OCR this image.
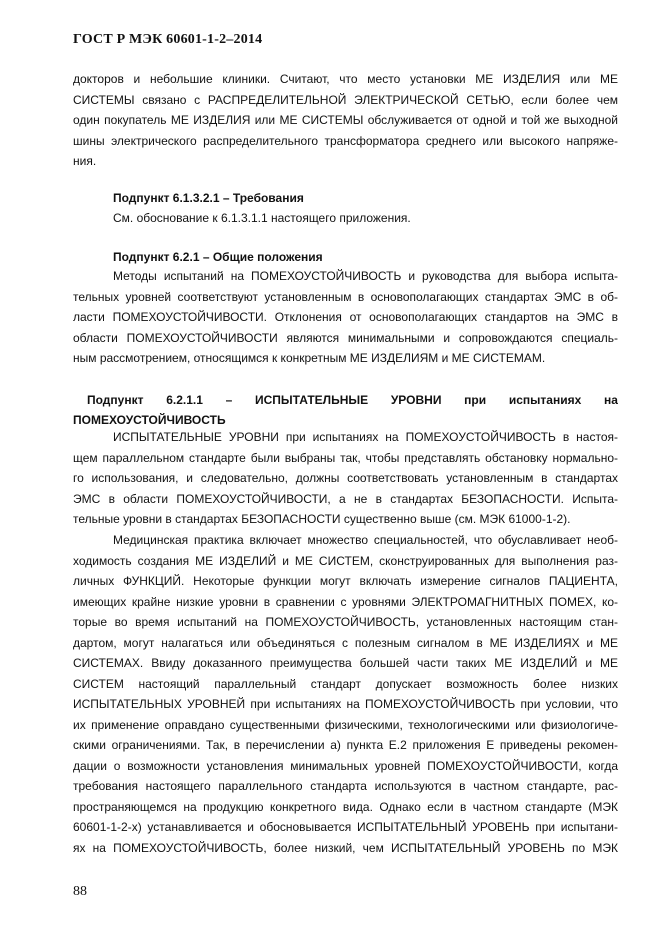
ГОСТ Р МЭК 60601-1-2–2014
докторов и небольшие клиники. Считают, что место установки МЕ ИЗДЕЛИЯ или МЕ
СИСТЕМЫ связано с РАСПРЕДЕЛИТЕЛЬНОЙ ЭЛЕКТРИЧЕСКОЙ СЕТЬЮ, если более чем
один покупатель МЕ ИЗДЕЛИЯ или МЕ СИСТЕМЫ обслуживается от одной и той же выходной
шины электрического распределительного трансформатора среднего или высокого напряже-
ния.
Подпункт 6.1.3.2.1 – Требования
См. обоснование к 6.1.3.1.1 настоящего приложения.
Подпункт 6.2.1 – Общие положения
Методы испытаний на ПОМЕХОУСТОЙЧИВОСТЬ и руководства для выбора испыта-
тельных уровней соответствуют установленным в основополагающих стандартах ЭМС в об-
ласти ПОМЕХОУСТОЙЧИВОСТИ. Отклонения от основополагающих стандартов на ЭМС в
области ПОМЕХОУСТОЙЧИВОСТИ являются минимальными и сопровождаются специаль-
ным рассмотрением, относящимся к конкретным МЕ ИЗДЕЛИЯМ и МЕ СИСТЕМАМ.
Подпункт 6.2.1.1 – ИСПЫТАТЕЛЬНЫЕ УРОВНИ при испытаниях на
ПОМЕХОУСТОЙЧИВОСТЬ
ИСПЫТАТЕЛЬНЫЕ УРОВНИ при испытаниях на ПОМЕХОУСТОЙЧИВОСТЬ в настоя-
щем параллельном стандарте были выбраны так, чтобы представлять обстановку нормально-
го использования, и следовательно, должны соответствовать установленным в стандартах
ЭМС в области ПОМЕХОУСТОЙЧИВОСТИ, а не в стандартах БЕЗОПАСНОСТИ. Испыта-
тельные уровни в стандартах БЕЗОПАСНОСТИ существенно выше (см. МЭК 61000-1-2).
Медицинская практика включает множество специальностей, что обуславливает необ-
ходимость создания МЕ ИЗДЕЛИЙ и МЕ СИСТЕМ, сконструированных для выполнения раз-
личных ФУНКЦИЙ. Некоторые функции могут включать измерение сигналов ПАЦИЕНТА,
имеющих крайне низкие уровни в сравнении с уровнями ЭЛЕКТРОМАГНИТНЫХ ПОМЕХ, ко-
торые во время испытаний на ПОМЕХОУСТОЙЧИВОСТЬ, установленных настоящим стан-
дартом, могут налагаться или объединяться с полезным сигналом в МЕ ИЗДЕЛИЯХ и МЕ
СИСТЕМАХ. Ввиду доказанного преимущества большей части таких МЕ ИЗДЕЛИЙ и МЕ
СИСТЕМ настоящий параллельный стандарт допускает возможность более низких
ИСПЫТАТЕЛЬНЫХ УРОВНЕЙ при испытаниях на ПОМЕХОУСТОЙЧИВОСТЬ при условии, что
их применение оправдано существенными физическими, технологическими или физиологиче-
скими ограничениями. Так, в перечислении а) пункта Е.2 приложения Е приведены рекомен-
дации о возможности установления минимальных уровней ПОМЕХОУСТОЙЧИВОСТИ, когда
требования настоящего параллельного стандарта используются в частном стандарте, рас-
пространяющемся на продукцию конкретного вида. Однако если в частном стандарте (МЭК
60601-1-2-х) устанавливается и обосновывается ИСПЫТАТЕЛЬНЫЙ УРОВЕНЬ при испытани-
ях на ПОМЕХОУСТОЙЧИВОСТЬ, более низкий, чем ИСПЫТАТЕЛЬНЫЙ УРОВЕНЬ по МЭК
88
